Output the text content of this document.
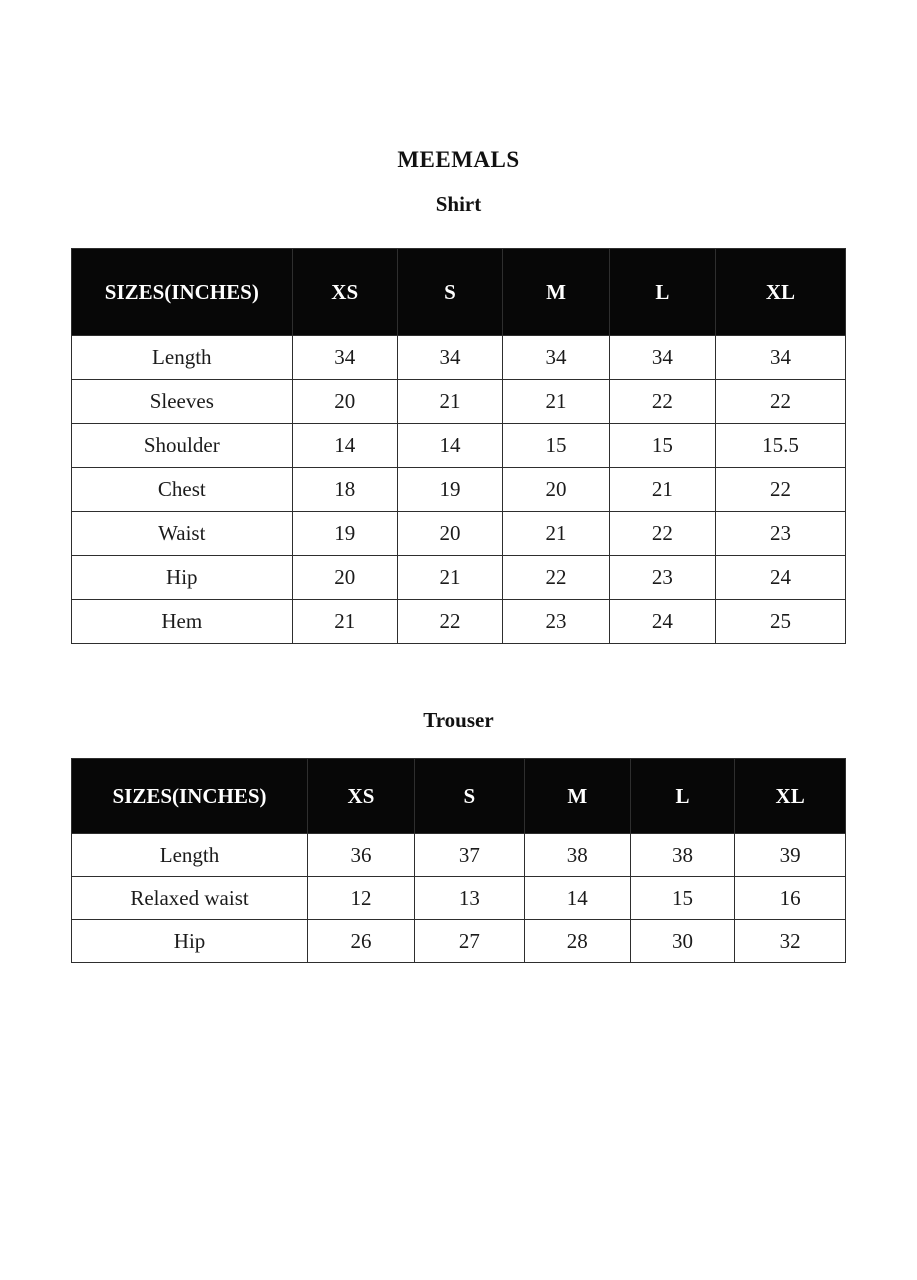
MEEMALS
Shirt
SIZES(INCHES)	XS	S	M	L	XL
Length	34	34	34	34	34
Sleeves	20	21	21	22	22
Shoulder	14	14	15	15	15.5
Chest	18	19	20	21	22
Waist	19	20	21	22	23
Hip	20	21	22	23	24
Hem	21	22	23	24	25
Trouser
SIZES(INCHES)	XS	S	M	L	XL
Length	36	37	38	38	39
Relaxed waist	12	13	14	15	16
Hip	26	27	28	30	32
